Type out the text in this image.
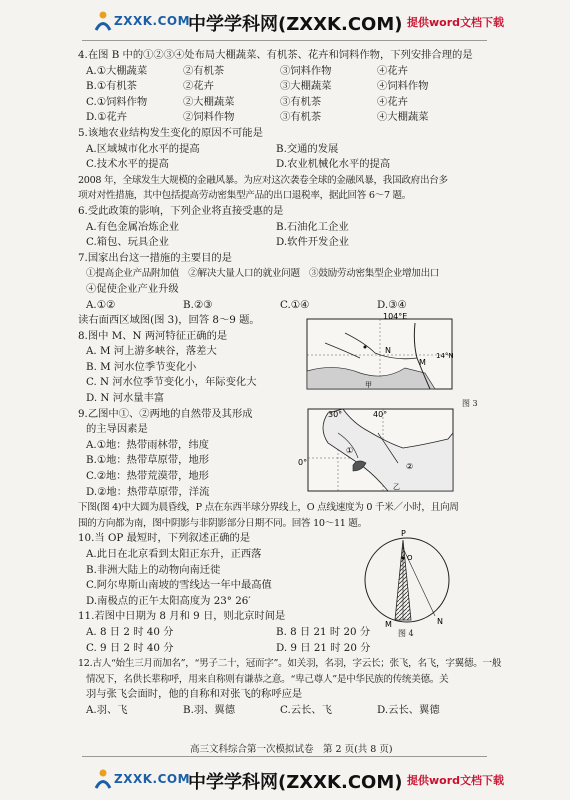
ZXXK.COM
中学学科网(ZXXK.COM) 提供word文档下载
4.在图 B 中的①②③④处布局大棚蔬菜、有机茶、花卉和饲料作物，下列安排合理的是
A.①大棚蔬菜	②有机茶	③饲料作物	④花卉
B.①有机茶	②花卉	③大棚蔬菜	④饲料作物
C.①饲料作物	②大棚蔬菜	③有机茶	④花卉
D.①花卉	②饲料作物	③有机茶	④大棚蔬菜
5.该地农业结构发生变化的原因不可能是
A.区域城市化水平的提高	B.交通的发展
C.技术水平的提高	D.农业机械化水平的提高
2008 年，全球发生大规模的金融风暴。为应对这次袭卷全球的金融风暴，我国政府出台多
项对对性措施，其中包括提高劳动密集型产品的出口退税率，据此回答 6～7 题。
6.受此政策的影响，下列企业将直接受惠的是
A.有色金属冶炼企业	B.石油化工企业
C.箱包、玩具企业	D.软件开发企业
7.国家出台这一措施的主要目的是
①提高企业产品附加值　②解决大量人口的就业问题　③鼓励劳动密集型企业增加出口
④促使企业产业升级
A.①②	B.②③	C.①④	D.③④
读右面西区域图(图 3)，回答 8～9 题。
8.图中 M、N 两河特征正确的是
A. M 河上游多峡谷，落差大
B. M 河水位季节变化小
C. N 河水位季节变化小，年际变化大
D. N 河水量丰富
9.乙图中①、②两地的自然带及其形成
的主导因素是
A.①地：热带雨林带，纬度
B.①地：热带草原带，地形
C.②地：热带荒漠带，地形
D.②地：热带草原带，洋流
下图(图 4)中大圆为晨昏线，P 点在东西半球分界线上，O 点线速度为 0 千米／小时，且向周
围的方向都为南，图中阴影与非阴影部分日期不同。回答 10～11 题。
10.当 OP 最短时，下列叙述正确的是
A.此日在北京看到太阳正东升，正西落
B.非洲大陆上的动物向南迁徙
C.阿尔卑斯山南坡的雪线达一年中最高值
D.南极点的正午太阳高度为 23° 26′
11.若图中日期为 8 月和 9 日，则北京时间是
A. 8 日 2 时 40 分	B. 8 日 21 时 20 分
C. 9 日 2 时 40 分	D. 9 日 21 时 20 分
12.古人“始生三月而加名”，“男子二十，冠而字”。如关羽，名羽，字云长；张飞，名飞，字翼德。一般
情况下，名供长辈称呼，用来自称则有谦恭之意。“卑己尊人”是中华民族的传统美德。关
羽与张飞会面时，他的自称和对张飞的称呼应是
A.羽、飞	B.羽、翼德	C.云长、飞	D.云长、翼德
104°E
14°N
M
N
甲
30°	40°
0°
①
②
乙
图 3
P
O
M	N
图 4
高三文科综合第一次模拟试卷　第 2 页(共 8 页)
ZXXK.COM
中学学科网(ZXXK.COM) 提供word文档下载
